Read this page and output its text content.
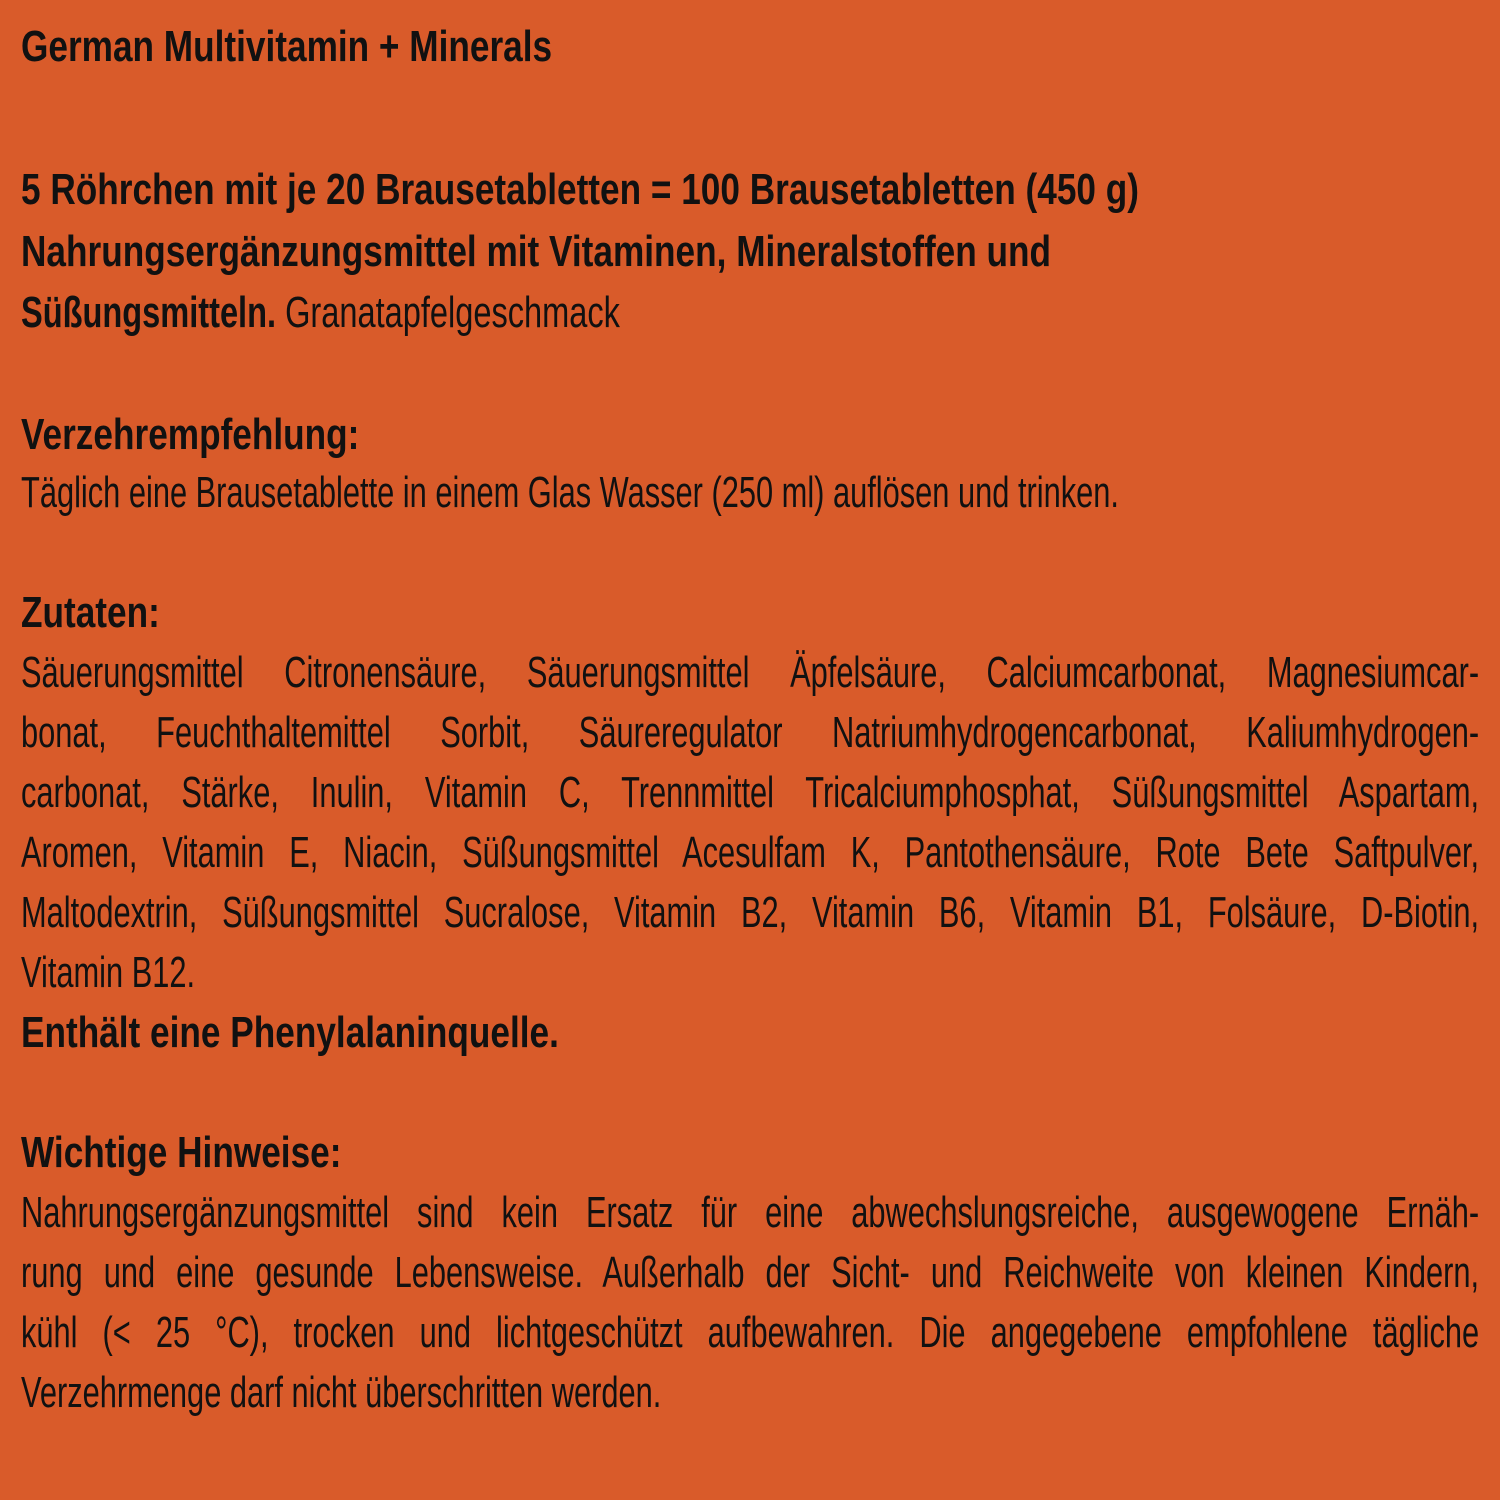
German Multivitamin + Minerals
5 Röhrchen mit je 20 Brausetabletten = 100 Brausetabletten (450 g)
Nahrungsergänzungsmittel mit Vitaminen, Mineralstoffen und
Süßungsmitteln. Granatapfelgeschmack
Verzehrempfehlung:
Täglich eine Brausetablette in einem Glas Wasser (250 ml) auflösen und trinken.
Zutaten:
Säuerungsmittel Citronensäure, Säuerungsmittel Äpfelsäure, Calciumcarbonat, Magnesiumcar-
bonat, Feuchthaltemittel Sorbit, Säureregulator Natriumhydrogencarbonat, Kaliumhydrogen-
carbonat, Stärke, Inulin, Vitamin C, Trennmittel Tricalciumphosphat, Süßungsmittel Aspartam,
Aromen, Vitamin E, Niacin, Süßungsmittel Acesulfam K, Pantothensäure, Rote Bete Saftpulver,
Maltodextrin, Süßungsmittel Sucralose, Vitamin B2, Vitamin B6, Vitamin B1, Folsäure, D-Biotin,
Vitamin B12.
Enthält eine Phenylalaninquelle.
Wichtige Hinweise:
Nahrungsergänzungsmittel sind kein Ersatz für eine abwechslungsreiche, ausgewogene Ernäh-
rung und eine gesunde Lebensweise. Außerhalb der Sicht- und Reichweite von kleinen Kindern,
kühl (< 25 °C), trocken und lichtgeschützt aufbewahren. Die angegebene empfohlene tägliche
Verzehrmenge darf nicht überschritten werden.
